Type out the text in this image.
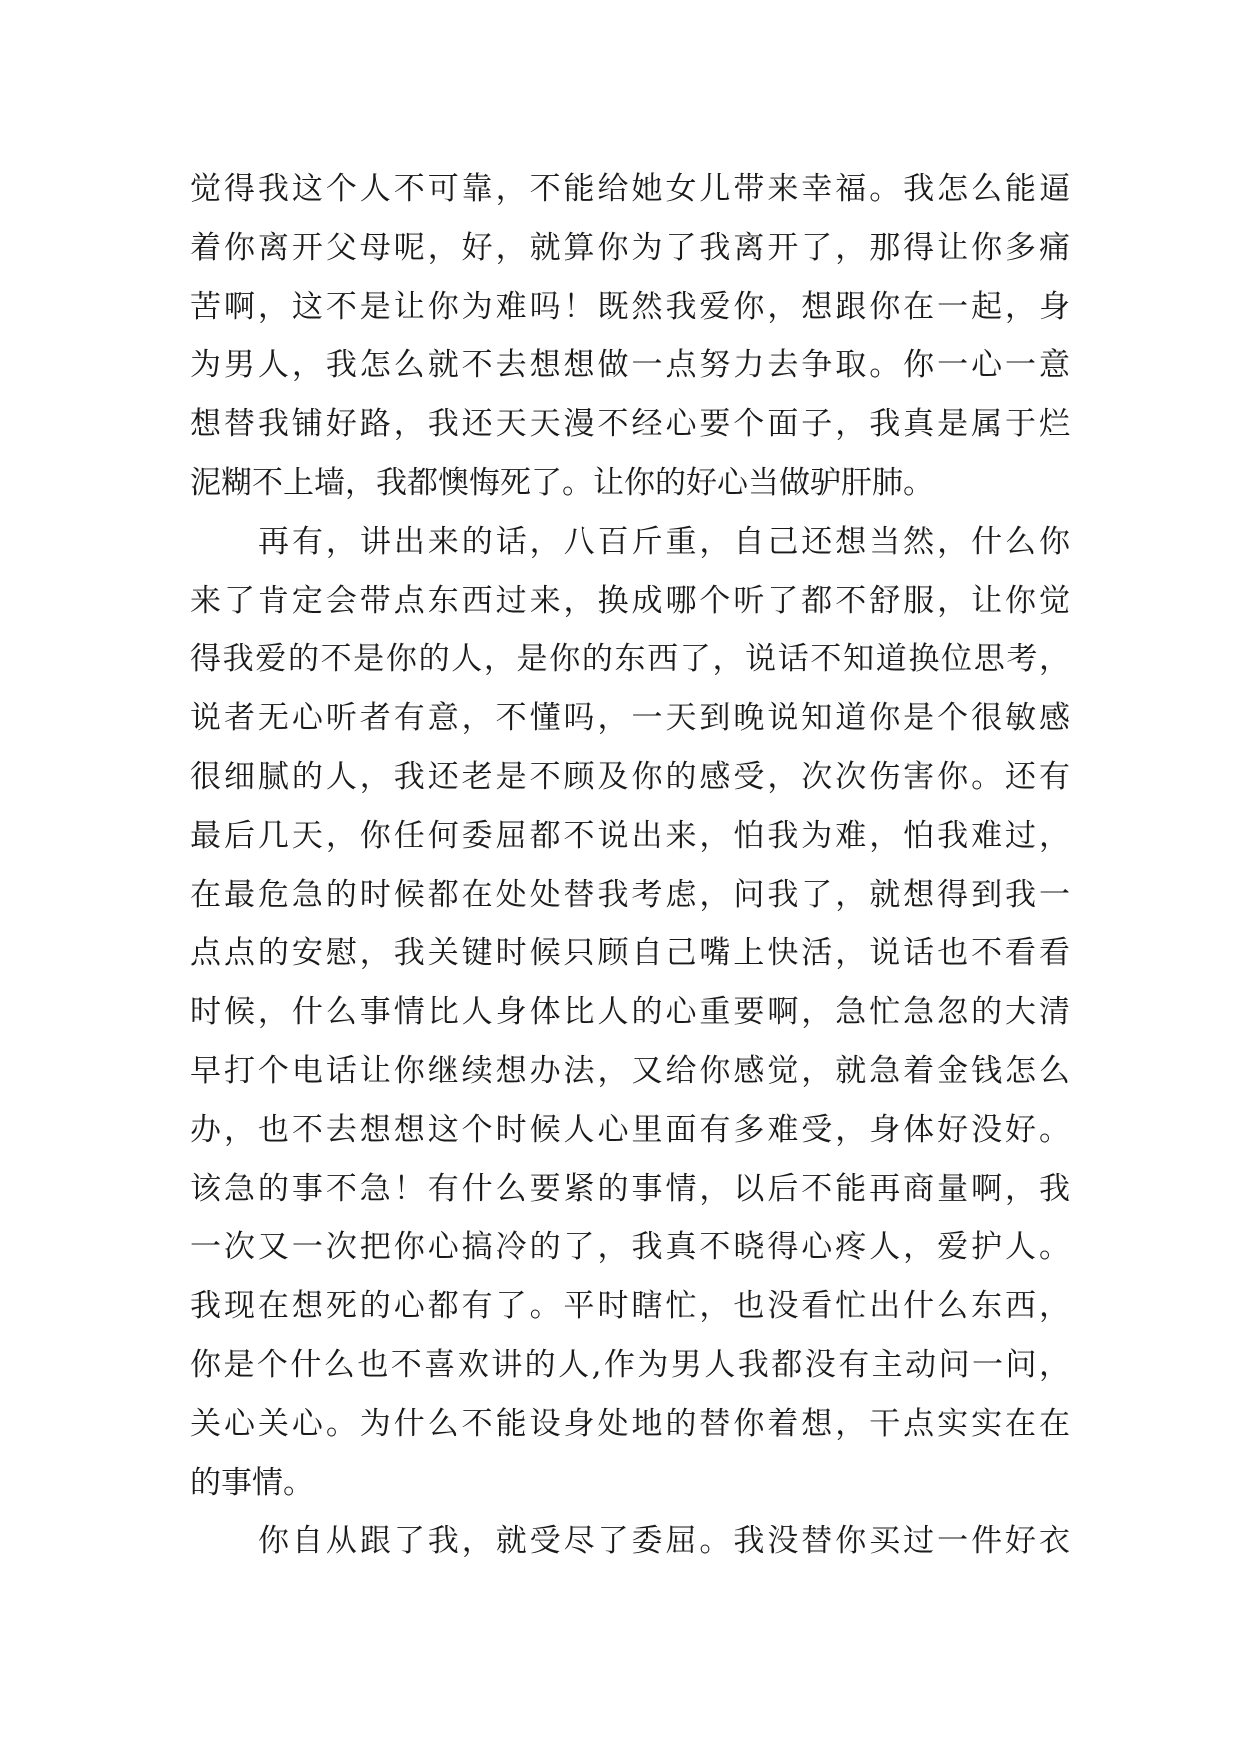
觉得我这个人不可靠，不能给她女儿带来幸福。我怎么能逼
着你离开父母呢，好，就算你为了我离开了，那得让你多痛
苦啊，这不是让你为难吗！既然我爱你，想跟你在一起，身
为男人，我怎么就不去想想做一点努力去争取。你一心一意
想替我铺好路，我还天天漫不经心要个面子，我真是属于烂
泥糊不上墙，我都懊悔死了。让你的好心当做驴肝肺。
再有，讲出来的话，八百斤重，自己还想当然，什么你
来了肯定会带点东西过来，换成哪个听了都不舒服，让你觉
得我爱的不是你的人，是你的东西了，说话不知道换位思考，
说者无心听者有意，不懂吗，一天到晚说知道你是个很敏感
很细腻的人，我还老是不顾及你的感受，次次伤害你。还有
最后几天，你任何委屈都不说出来，怕我为难，怕我难过，
在最危急的时候都在处处替我考虑，问我了，就想得到我一
点点的安慰，我关键时候只顾自己嘴上快活，说话也不看看
时候，什么事情比人身体比人的心重要啊，急忙急忽的大清
早打个电话让你继续想办法，又给你感觉，就急着金钱怎么
办，也不去想想这个时候人心里面有多难受，身体好没好。
该急的事不急！有什么要紧的事情，以后不能再商量啊，我
一次又一次把你心搞冷的了，我真不晓得心疼人，爱护人。
我现在想死的心都有了。平时瞎忙，也没看忙出什么东西，
你是个什么也不喜欢讲的人,作为男人我都没有主动问一问，
关心关心。为什么不能设身处地的替你着想，干点实实在在
的事情。
你自从跟了我，就受尽了委屈。我没替你买过一件好衣
